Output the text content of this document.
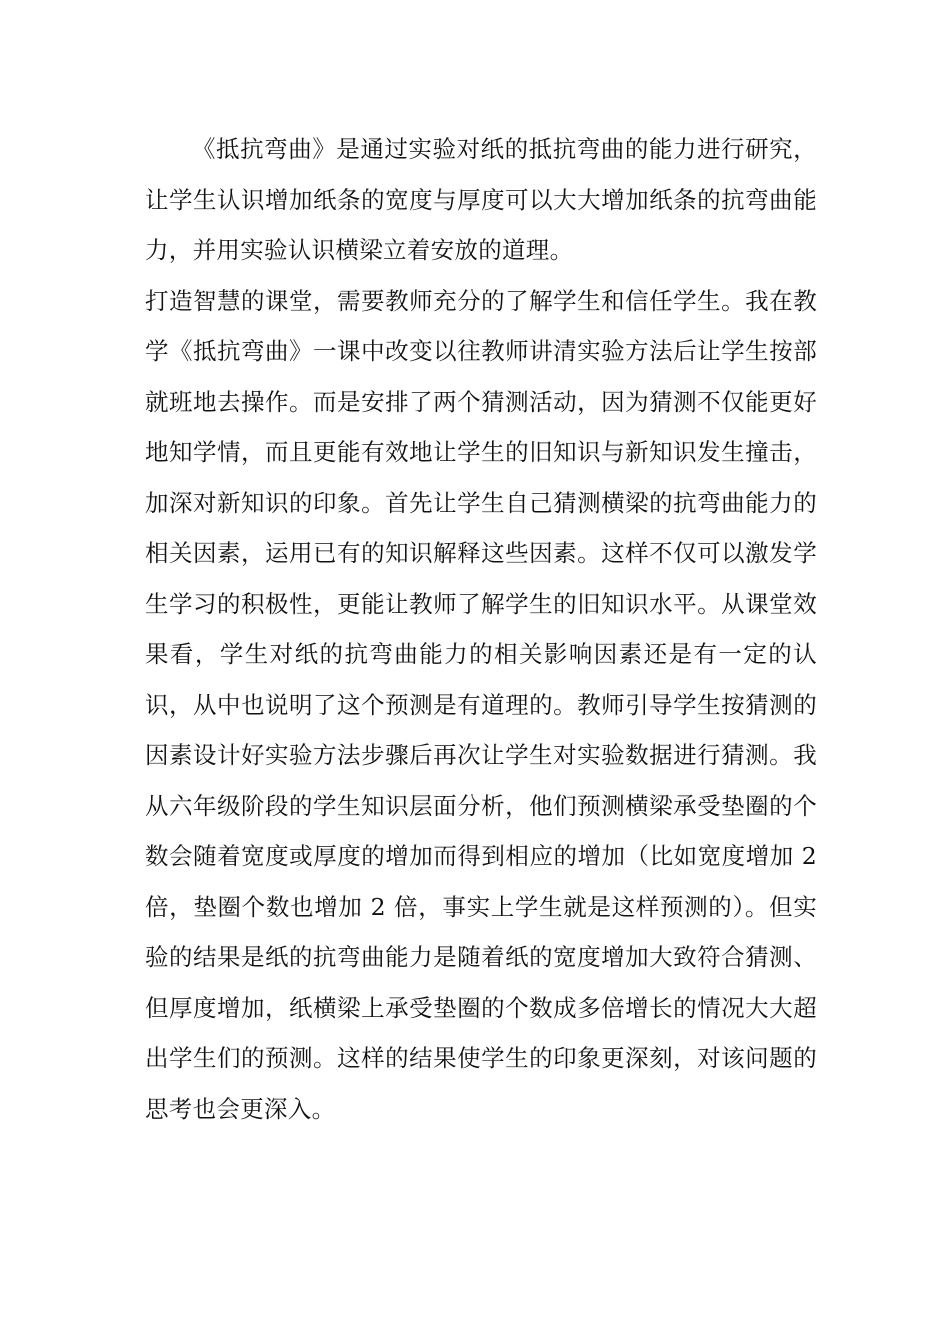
《抵抗弯曲》是通过实验对纸的抵抗弯曲的能力进行研究，让学生认识增加纸条的宽度与厚度可以大大增加纸条的抗弯曲能力，并用实验认识横梁立着安放的道理。

打造智慧的课堂，需要教师充分的了解学生和信任学生。我在教学《抵抗弯曲》一课中改变以往教师讲清实验方法后让学生按部就班地去操作。而是安排了两个猜测活动，因为猜测不仅能更好地知学情，而且更能有效地让学生的旧知识与新知识发生撞击，加深对新知识的印象。首先让学生自己猜测横梁的抗弯曲能力的相关因素，运用已有的知识解释这些因素。这样不仅可以激发学生学习的积极性，更能让教师了解学生的旧知识水平。从课堂效果看，学生对纸的抗弯曲能力的相关影响因素还是有一定的认识，从中也说明了这个预测是有道理的。教师引导学生按猜测的因素设计好实验方法步骤后再次让学生对实验数据进行猜测。我从六年级阶段的学生知识层面分析，他们预测横梁承受垫圈的个数会随着宽度或厚度的增加而得到相应的增加（比如宽度增加 2 倍，垫圈个数也增加 2 倍，事实上学生就是这样预测的）。但实验的结果是纸的抗弯曲能力是随着纸的宽度增加大致符合猜测、但厚度增加，纸横梁上承受垫圈的个数成多倍增长的情况大大超出学生们的预测。这样的结果使学生的印象更深刻，对该问题的思考也会更深入。
